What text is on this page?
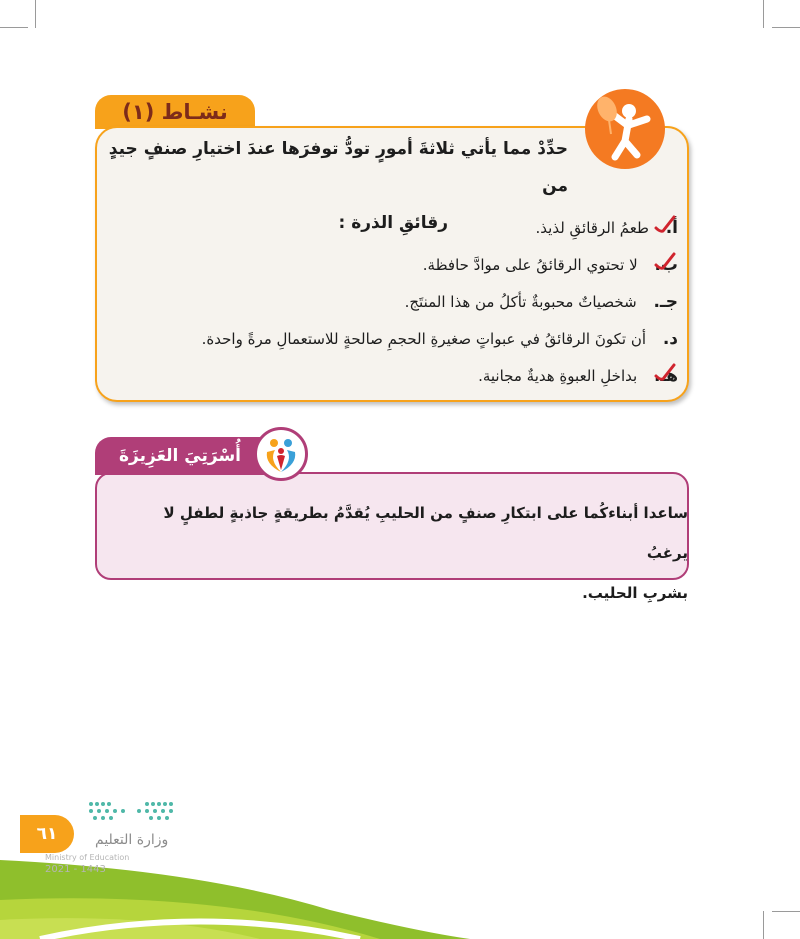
نشـاط (١)
حدِّدْ مما يأتي ثلاثةَ أمورٍ تودُّ توفرَها عندَ اختيارِ صنفٍ جيدٍ من
رقائقِ الذرة :	أ. طعمُ الرقائقِ لذيذ.
ب. لا تحتوي الرقائقُ على موادَّ حافظة.
جـ. شخصياتٌ محبوبةٌ تأكلُ من هذا المنتَج.
د. أن تكونَ الرقائقُ في عبواتٍ صغيرةِ الحجمِ صالحةٍ للاستعمالِ مرةً واحدة.
هـ. بداخلِ العبوةِ هديةٌ مجانية.
أُسْرَتِيَ العَزِيزَةَ
ساعدا أبناءكُما على ابتكارِ صنفٍ من الحليبِ يُقدَّمُ بطريقةٍ جاذبةٍ لطفلٍ لا يرغبُ
بشربِ الحليب.
٦١	وزارة التعليم
Ministry of Education
2021 - 1443
